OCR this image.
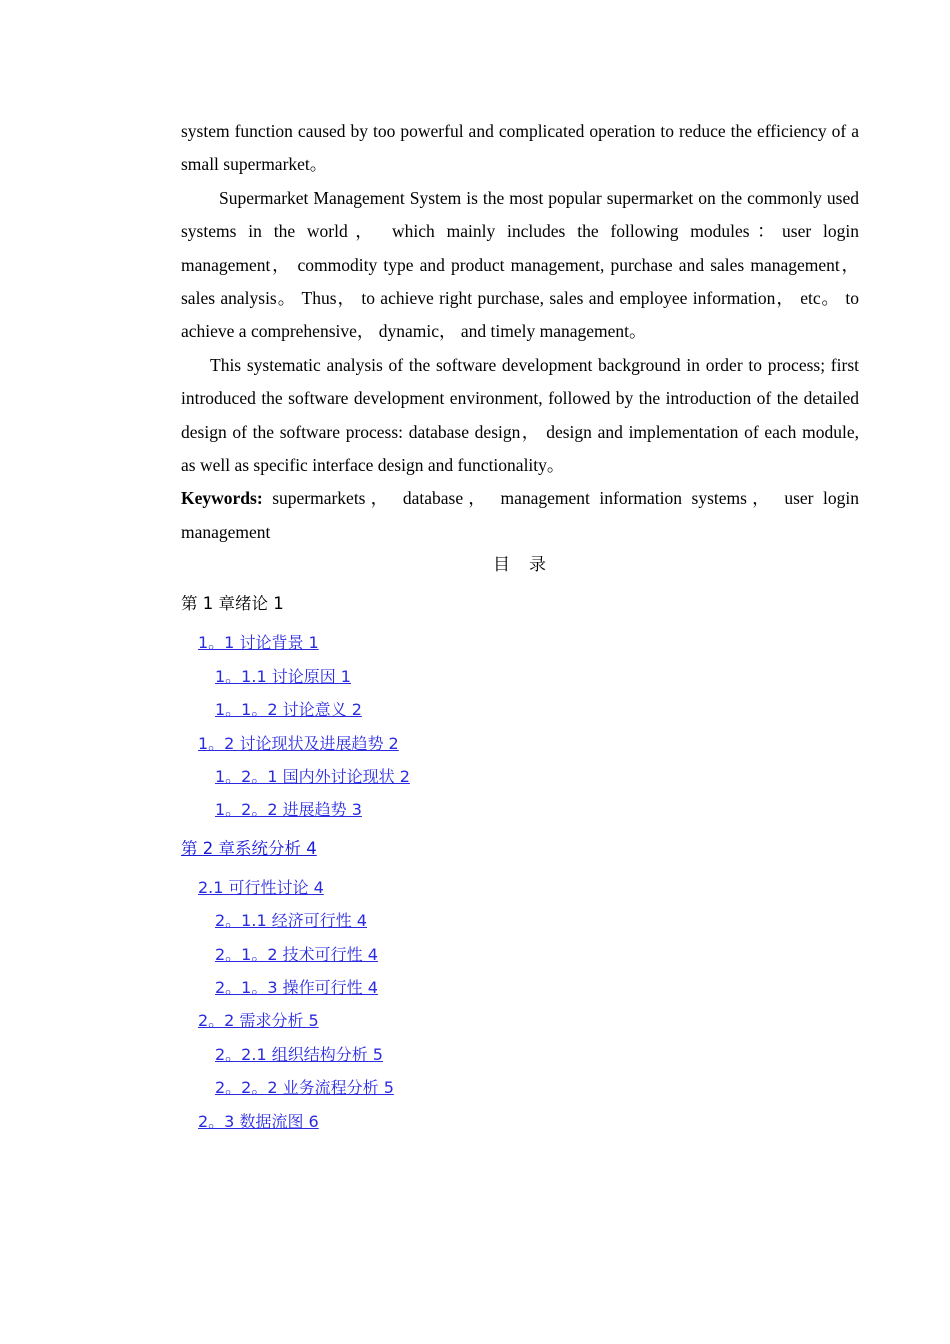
system function caused by too powerful and complicated operation to reduce the efficiency of a small supermarket。

Supermarket Management System is the most popular supermarket on the commonly used systems in the world， which mainly includes the following modules：user login management， commodity type and product management, purchase and sales management， sales analysis。 Thus， to achieve right purchase, sales and employee information， etc。 to achieve a comprehensive， dynamic， and timely management。

This systematic analysis of the software development background in order to process; first introduced the software development environment, followed by the introduction of the detailed design of the software process: database design， design and implementation of each module, as well as specific interface design and functionality。

Keywords: supermarkets， database， management information systems， user login management

目　录

第 1 章绪论 1

1。1 讨论背景 1

1。1.1 讨论原因 1

1。1。2 讨论意义 2

1。2 讨论现状及进展趋势 2

1。2。1 国内外讨论现状 2

1。2。2 进展趋势 3

第 2 章系统分析 4

2.1 可行性讨论 4

2。1.1 经济可行性 4

2。1。2 技术可行性 4

2。1。3 操作可行性 4

2。2 需求分析 5

2。2.1 组织结构分析 5

2。2。2 业务流程分析 5

2。3 数据流图 6
